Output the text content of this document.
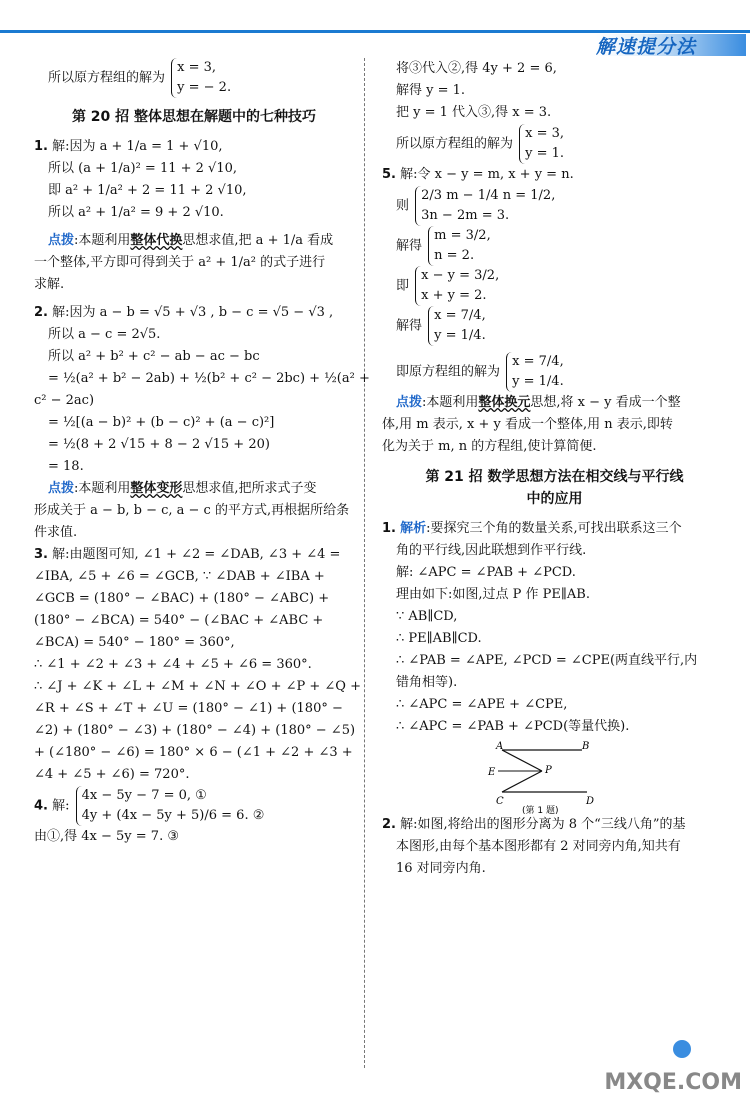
解速提分法
所以原方程组的解为
x = 3,
y = − 2.
第 20 招 整体思想在解题中的七种技巧
1. 解:因为 a + 1/a = 1 + √10,
所以 (a + 1/a)² = 11 + 2 √10,
即 a² + 1/a² + 2 = 11 + 2 √10,
所以 a² + 1/a² = 9 + 2 √10.
点拨:本题利用整体代换思想求值,把 a + 1/a 看成
一个整体,平方即可得到关于 a² + 1/a² 的式子进行
求解.
2. 解:因为 a − b = √5 + √3 , b − c = √5 − √3 ,
所以 a − c = 2√5.
所以 a² + b² + c² − ab − ac − bc
= ½(a² + b² − 2ab) + ½(b² + c² − 2bc) + ½(a² +
c² − 2ac)
= ½[(a − b)² + (b − c)² + (a − c)²]
= ½(8 + 2 √15 + 8 − 2 √15 + 20)
= 18.
点拨:本题利用整体变形思想求值,把所求式子变
形成关于 a − b, b − c, a − c 的平方式,再根据所给条
件求值.
3. 解:由题图可知, ∠1 + ∠2 = ∠DAB, ∠3 + ∠4 =
∠IBA, ∠5 + ∠6 = ∠GCB, ∵ ∠DAB + ∠IBA +
∠GCB = (180° − ∠BAC) + (180° − ∠ABC) +
(180° − ∠BCA) = 540° − (∠BAC + ∠ABC +
∠BCA) = 540° − 180° = 360°,
∴ ∠1 + ∠2 + ∠3 + ∠4 + ∠5 + ∠6 = 360°.
∴ ∠J + ∠K + ∠L + ∠M + ∠N + ∠O + ∠P + ∠Q +
∠R + ∠S + ∠T + ∠U = (180° − ∠1) + (180° −
∠2) + (180° − ∠3) + (180° − ∠4) + (180° − ∠5)
+ (∠180° − ∠6) = 180° × 6 − (∠1 + ∠2 + ∠3 +
∠4 + ∠5 + ∠6) = 720°.
4. 解:
4x − 5y − 7 = 0, ①
4y + (4x − 5y + 5)/6 = 6. ②
由①,得 4x − 5y = 7. ③
将③代入②,得 4y + 2 = 6,
解得 y = 1.
把 y = 1 代入③,得 x = 3.
所以原方程组的解为
x = 3,
y = 1.
5. 解:令 x − y = m, x + y = n.
则
2/3 m − 1/4 n = 1/2,
3n − 2m = 3.
解得
m = 3/2,
n = 2.
即
x − y = 3/2,
x + y = 2.
解得
x = 7/4,
y = 1/4.
即原方程组的解为
x = 7/4,
y = 1/4.
点拨:本题利用整体换元思想,将 x − y 看成一个整
体,用 m 表示, x + y 看成一个整体,用 n 表示,即转
化为关于 m, n 的方程组,使计算简便.
第 21 招 数学思想方法在相交线与平行线
中的应用
1. 解析:要探究三个角的数量关系,可找出联系这三个
角的平行线,因此联想到作平行线.
解: ∠APC = ∠PAB + ∠PCD.
理由如下:如图,过点 P 作 PE∥AB.
∵ AB∥CD,
∴ PE∥AB∥CD.
∴ ∠PAB = ∠APE, ∠PCD = ∠CPE(两直线平行,内
错角相等).
∴ ∠APC = ∠APE + ∠CPE,
∴ ∠APC = ∠PAB + ∠PCD(等量代换).
A	B
E	P
C	D
(第 1 题)
2. 解:如图,将给出的图形分离为 8 个“三线八角”的基
本图形,由每个基本图形都有 2 对同旁内角,知共有
16 对同旁内角.
MXQE.COM
